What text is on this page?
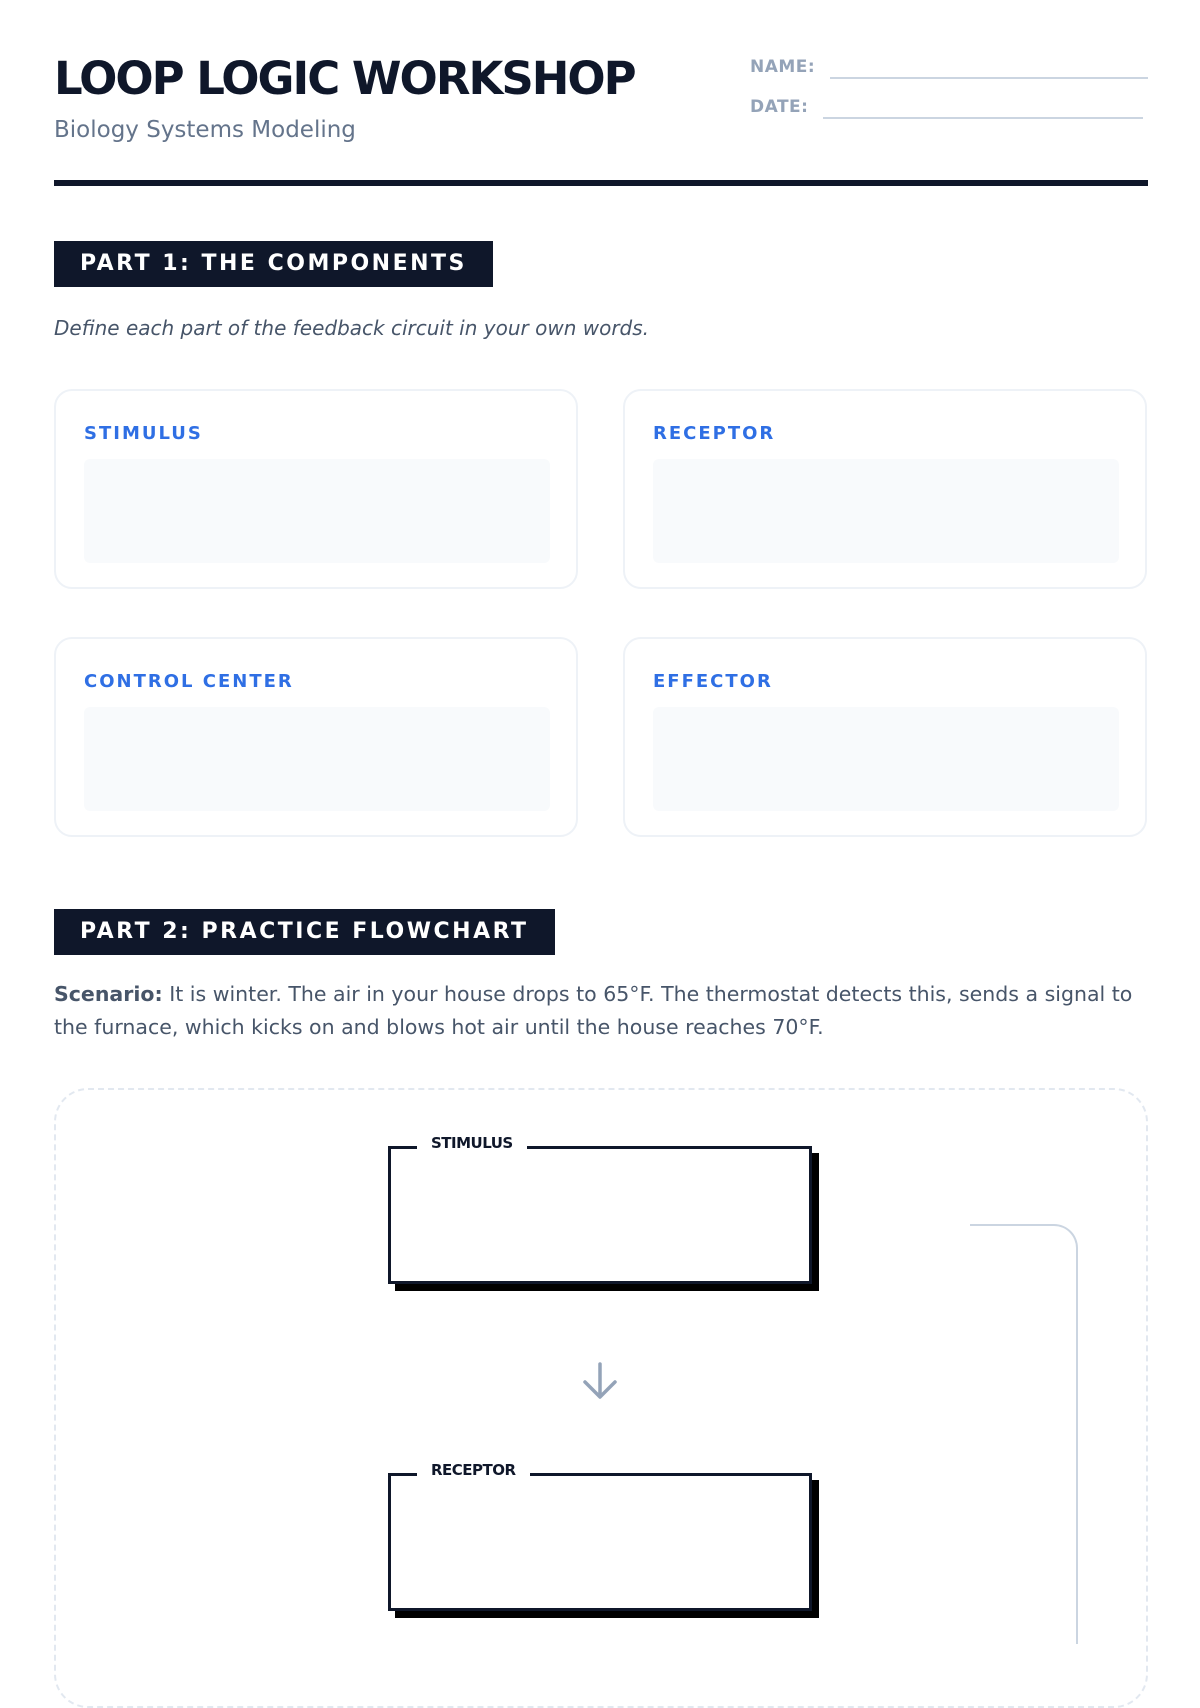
LOOP LOGIC WORKSHOP
Biology Systems Modeling
NAME:
DATE:
PART 1: THE COMPONENTS
Define each part of the feedback circuit in your own words.
STIMULUS	RECEPTOR
CONTROL CENTER	EFFECTOR
PART 2: PRACTICE FLOWCHART
Scenario: It is winter. The air in your house drops to 65°F. The thermostat detects this, sends a signal to the furnace, which kicks on and blows hot air until the house reaches 70°F.
STIMULUS
RECEPTOR
